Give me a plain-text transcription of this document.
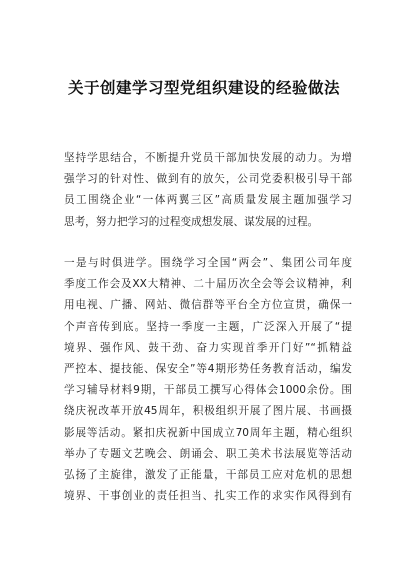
关于创建学习型党组织建设的经验做法
坚持学思结合，不断提升党员干部加快发展的动力。为增
强学习的针对性、做到有的放矢，公司党委积极引导干部
员工围绕企业“一体两翼三区”高质量发展主题加强学习
思考，努力把学习的过程变成想发展、谋发展的过程。
一是与时俱进学。围绕学习全国“两会”、集团公司年度
季度工作会及XX大精神、二十届历次全会等会议精神，利
用电视、广播、网站、微信群等平台全方位宣贯，确保一
个声音传到底。坚持一季度一主题，广泛深入开展了“提
境界、强作风、鼓干劲、奋力实现首季开门好”“抓精益
严控本、提技能、保安全”等4期形势任务教育活动，编发
学习辅导材料9期，干部员工撰写心得体会1000余份。围
绕庆祝改革开放45周年，积极组织开展了图片展、书画摄
影展等活动。紧扣庆祝新中国成立70周年主题，精心组织
举办了专题文艺晚会、朗诵会、职工美术书法展览等活动
弘扬了主旋律，激发了正能量，干部员工应对危机的思想
境界、干事创业的责任担当、扎实工作的求实作风得到有
